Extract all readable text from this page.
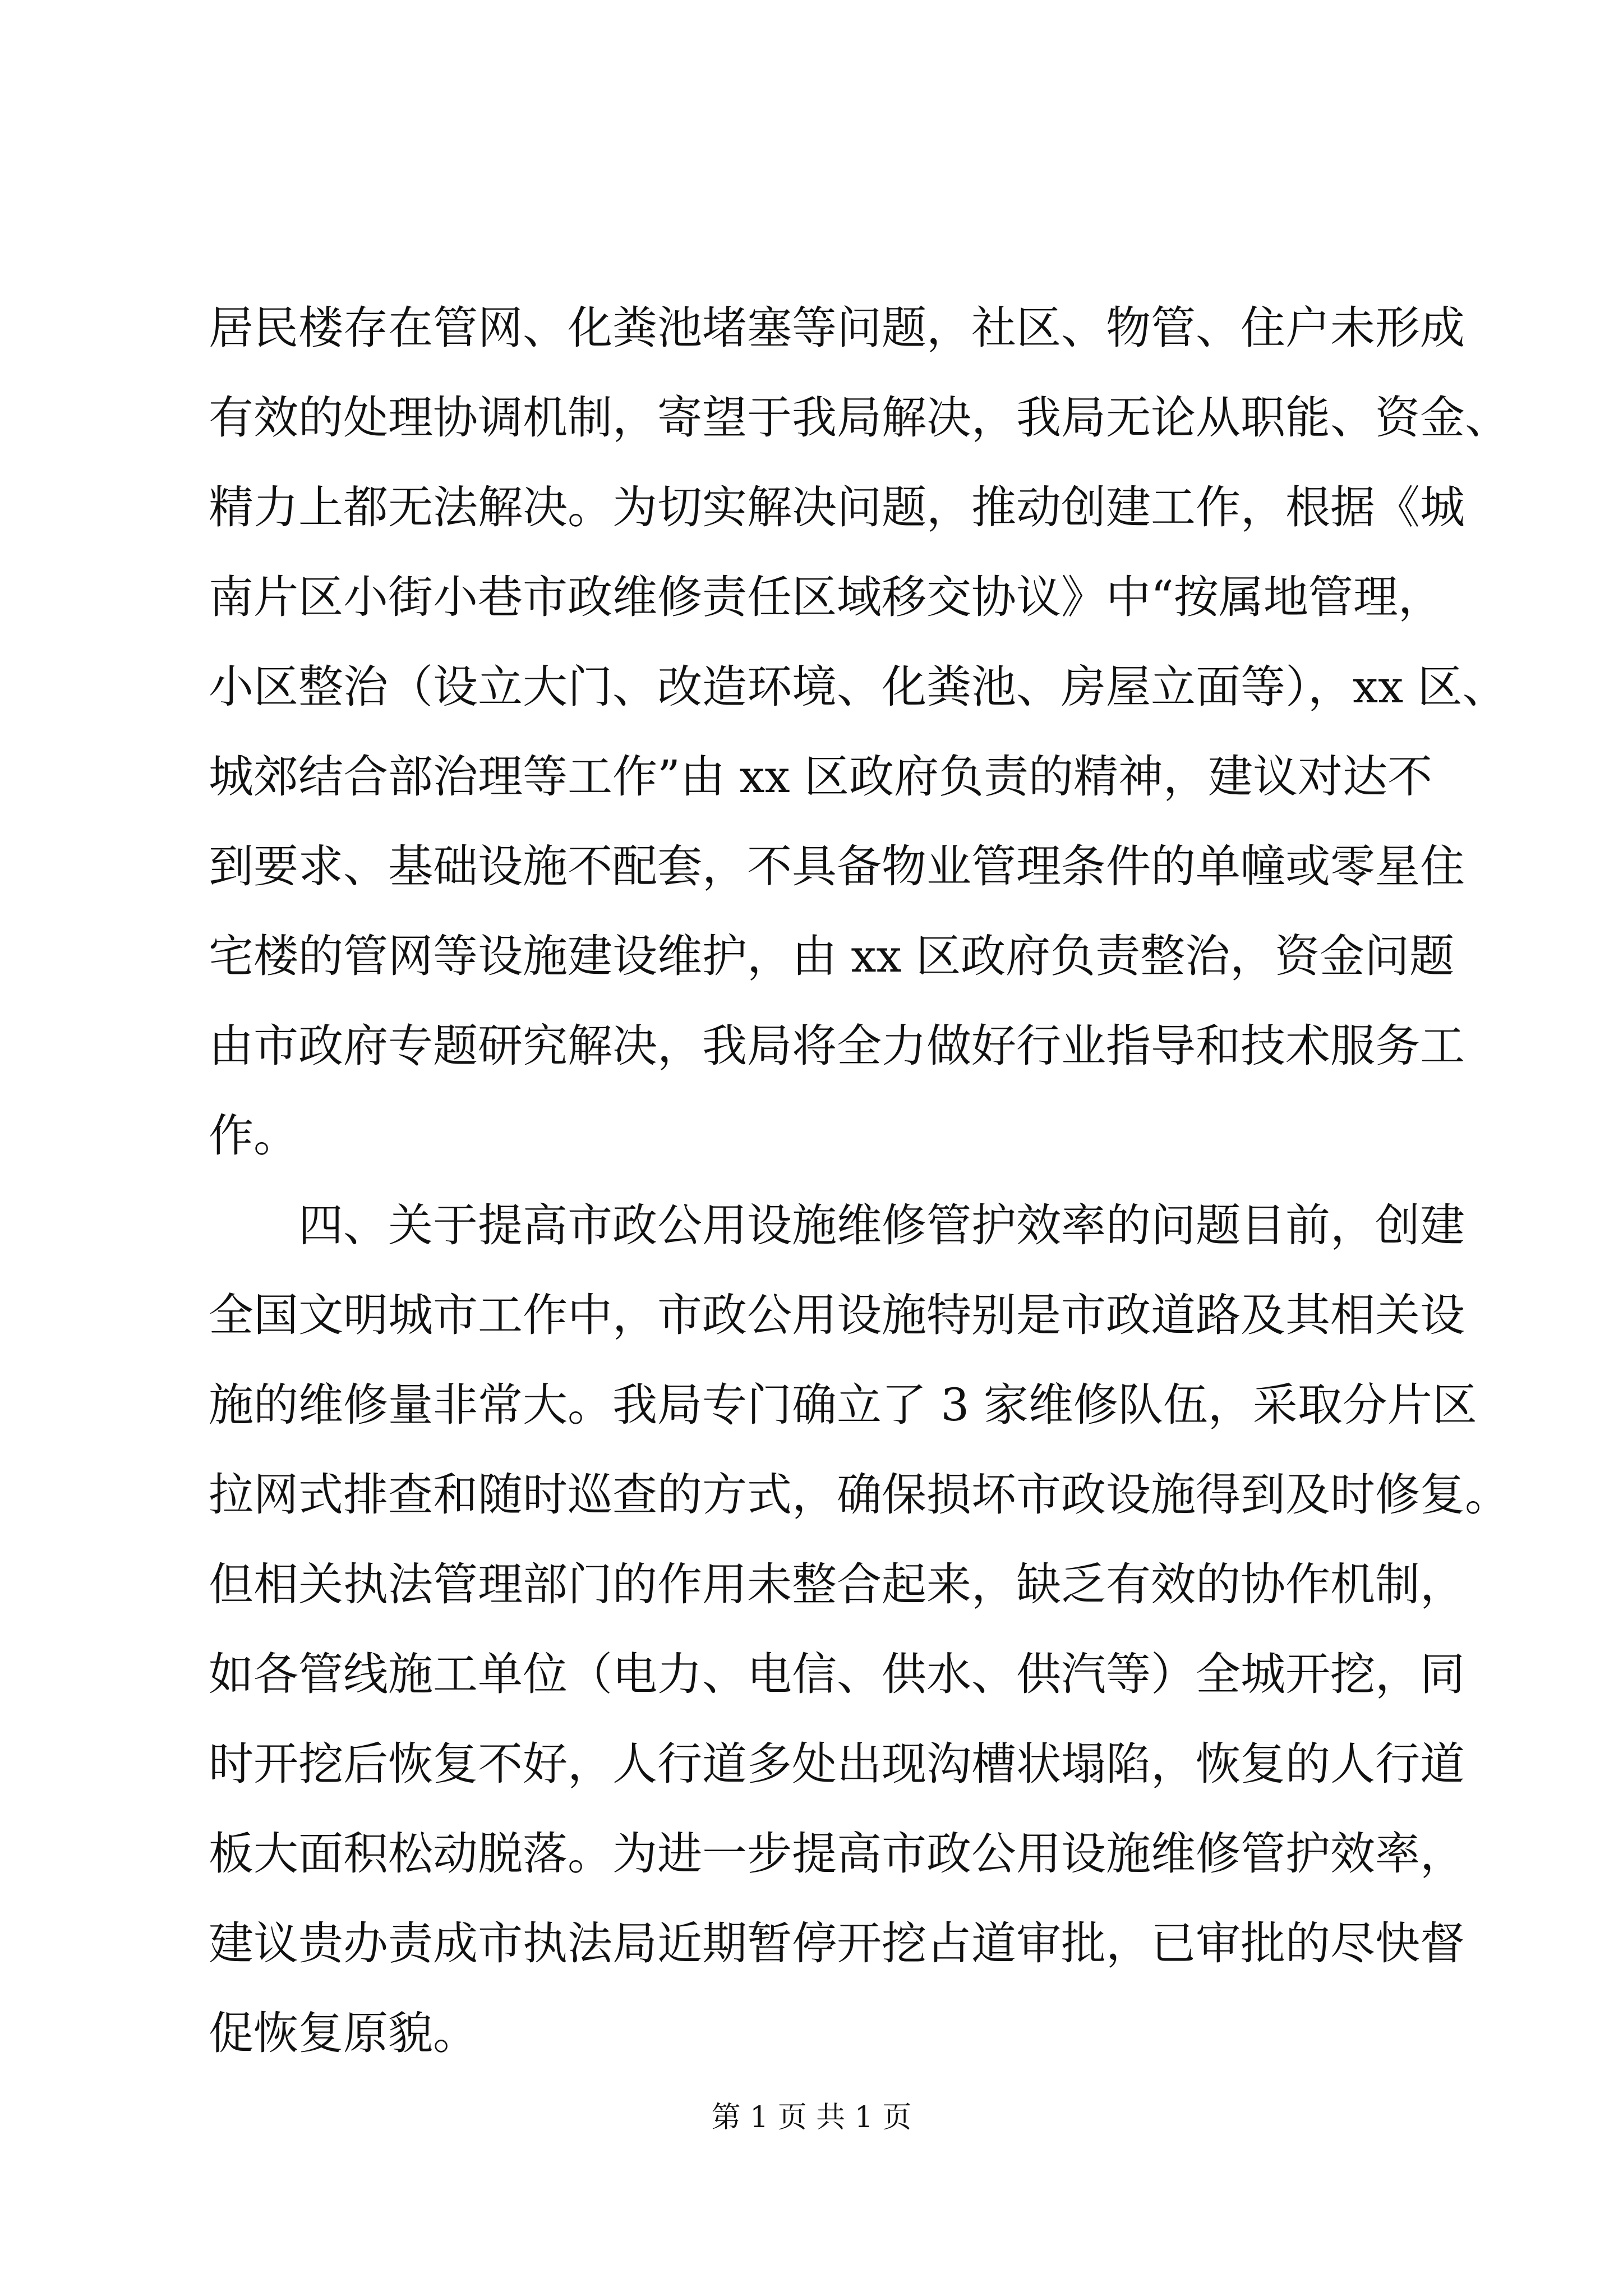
居民楼存在管网、化粪池堵塞等问题，社区、物管、住户未形成
有效的处理协调机制，寄望于我局解决，我局无论从职能、资金、
精力上都无法解决。为切实解决问题，推动创建工作，根据《城
南片区小街小巷市政维修责任区域移交协议》中“按属地管理，
小区整治（设立大门、改造环境、化粪池、房屋立面等），xx 区、
城郊结合部治理等工作”由 xx 区政府负责的精神，建议对达不
到要求、基础设施不配套，不具备物业管理条件的单幢或零星住
宅楼的管网等设施建设维护，由 xx 区政府负责整治，资金问题
由市政府专题研究解决，我局将全力做好行业指导和技术服务工
作。
　　四、关于提高市政公用设施维修管护效率的问题目前，创建
全国文明城市工作中，市政公用设施特别是市政道路及其相关设
施的维修量非常大。我局专门确立了 3 家维修队伍，采取分片区
拉网式排查和随时巡查的方式，确保损坏市政设施得到及时修复。
但相关执法管理部门的作用未整合起来，缺乏有效的协作机制，
如各管线施工单位（电力、电信、供水、供汽等）全城开挖，同
时开挖后恢复不好，人行道多处出现沟槽状塌陷，恢复的人行道
板大面积松动脱落。为进一步提高市政公用设施维修管护效率，
建议贵办责成市执法局近期暂停开挖占道审批，已审批的尽快督
促恢复原貌。
第 1 页 共 1 页
